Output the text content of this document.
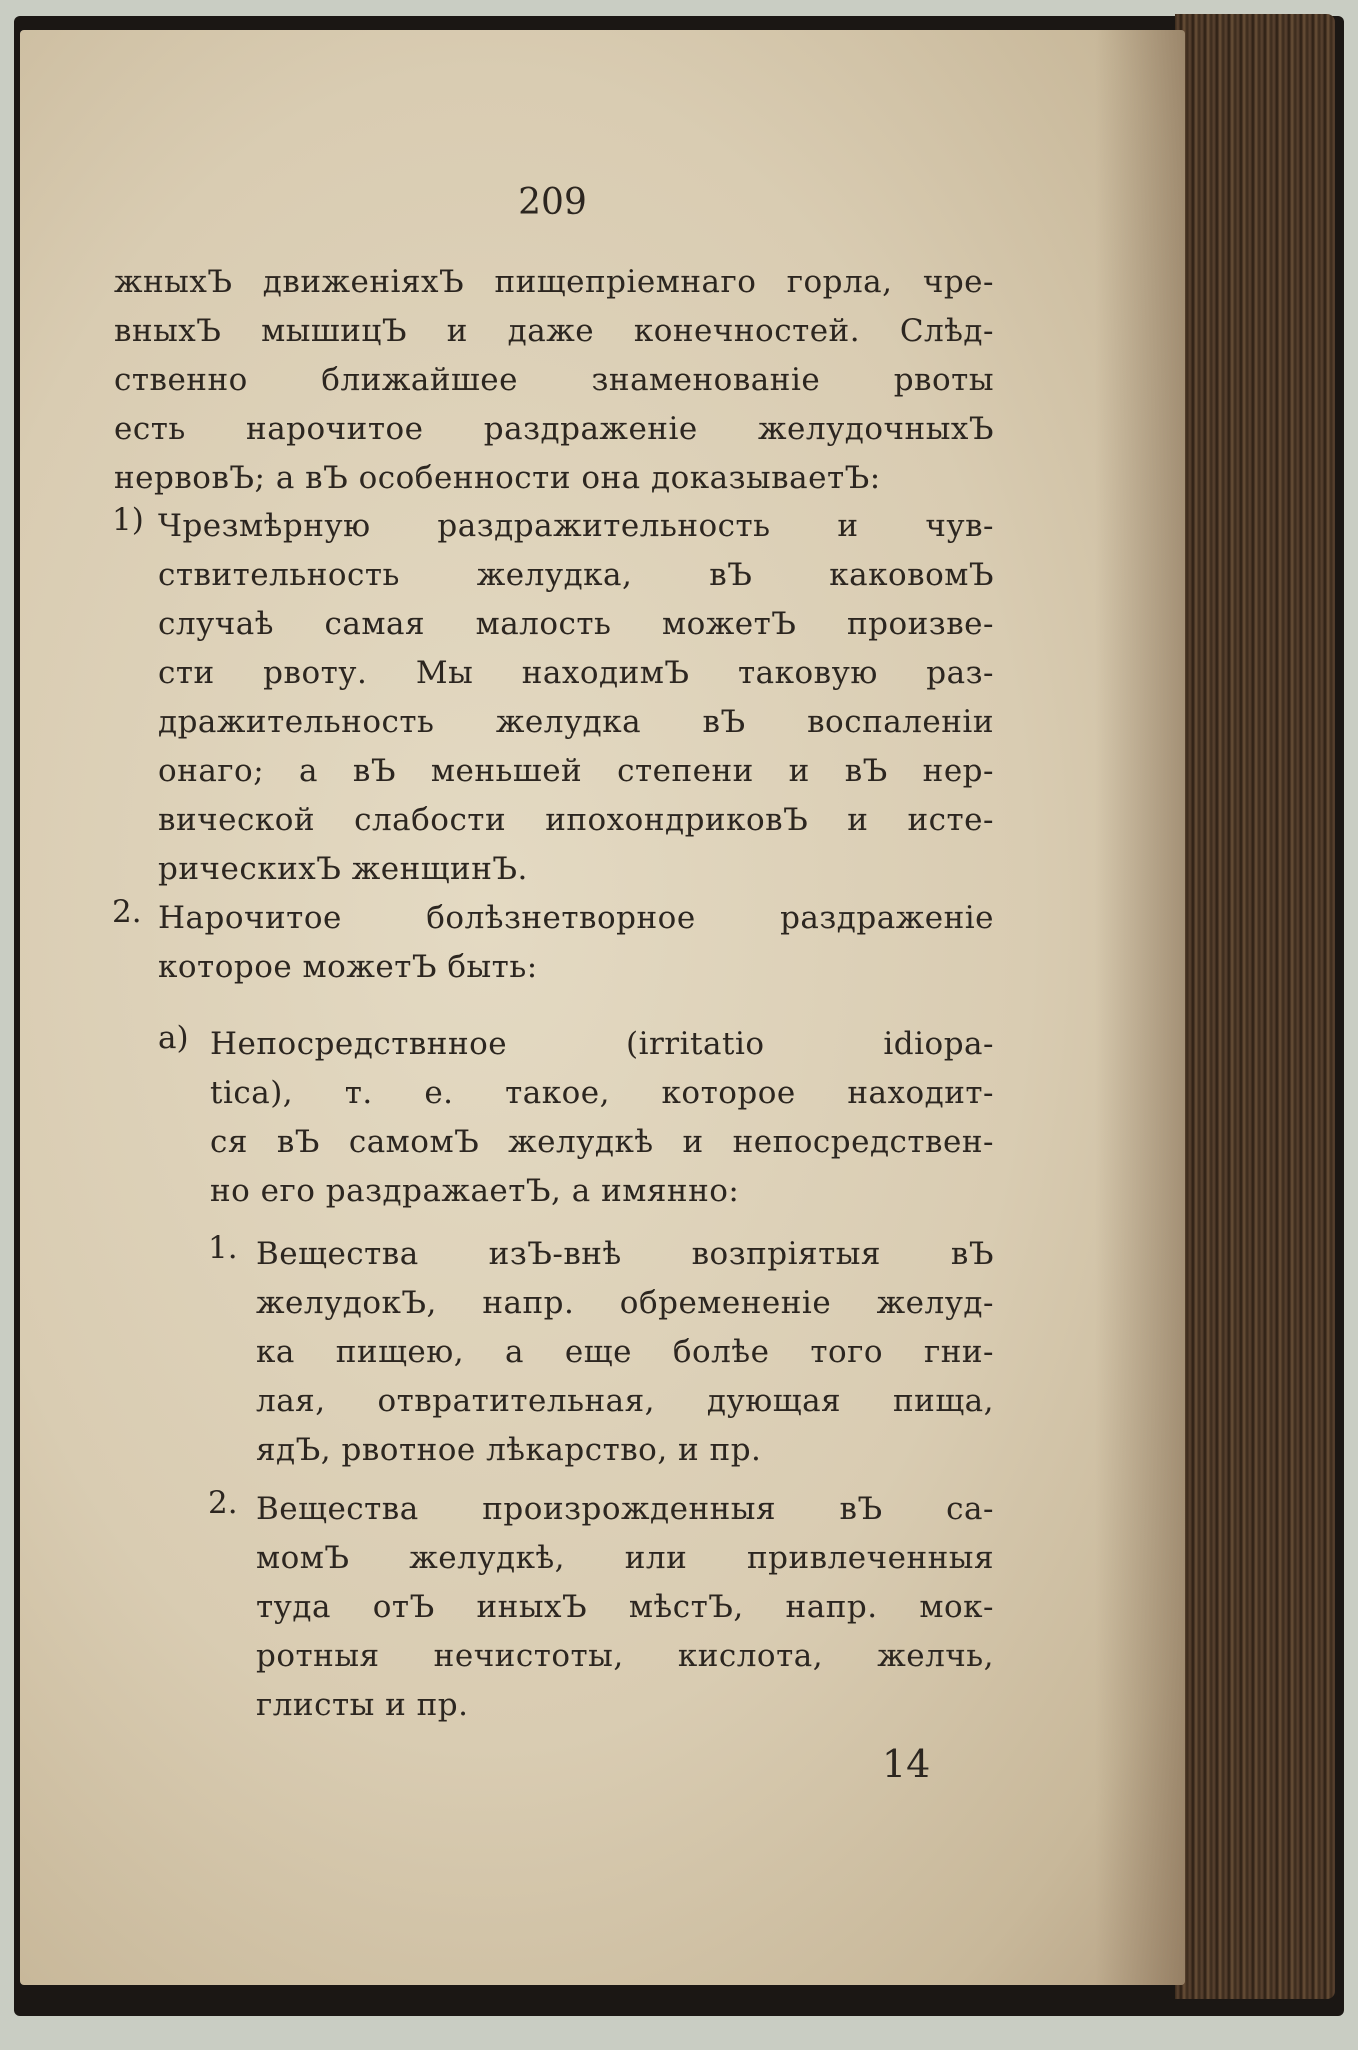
209
жныхЪ движенiяхЪ пищепрiемнаго горла, чре-
вныхЪ мышицЪ и даже конечностей. Слѣд-
ственно ближайшее знаменованiе рвоты
есть нарочитое раздраженiе желудочныхЪ
нервовЪ; а вЪ особенности она доказываетЪ:
1) Чрезмѣрную раздражительность и чув-
ствительность желудка, вЪ каковомЪ
случаѣ самая малость можетЪ произве-
сти рвоту. Мы находимЪ таковую раз-
дражительность желудка вЪ воспаленiи
онаго; а вЪ меньшей степени и вЪ нер-
вической слабости ипохондриковЪ и исте-
рическихЪ женщинЪ.
2. Нарочитое болѣзнетворное раздраженiе
которое можетЪ быть:
a) Непосредствнное (irritatio idiopa-
tica), т. е. такое, которое находит-
ся вЪ самомЪ желудкѣ и непосредствен-
но его раздражаетЪ, а имянно:
1. Вещества изЪ-внѣ возпрiятыя вЪ
желудокЪ, напр. обремененiе желуд-
ка пищею, а еще болѣе того гни-
лая, отвратительная, дующая пища,
ядЪ, рвотное лѣкарство, и пр.
2. Вещества произрожденныя вЪ са-
момЪ желудкѣ, или привлеченныя
туда отЪ иныхЪ мѣстЪ, напр. мок-
ротныя нечистоты, кислота, желчь,
глисты и пр.
14
